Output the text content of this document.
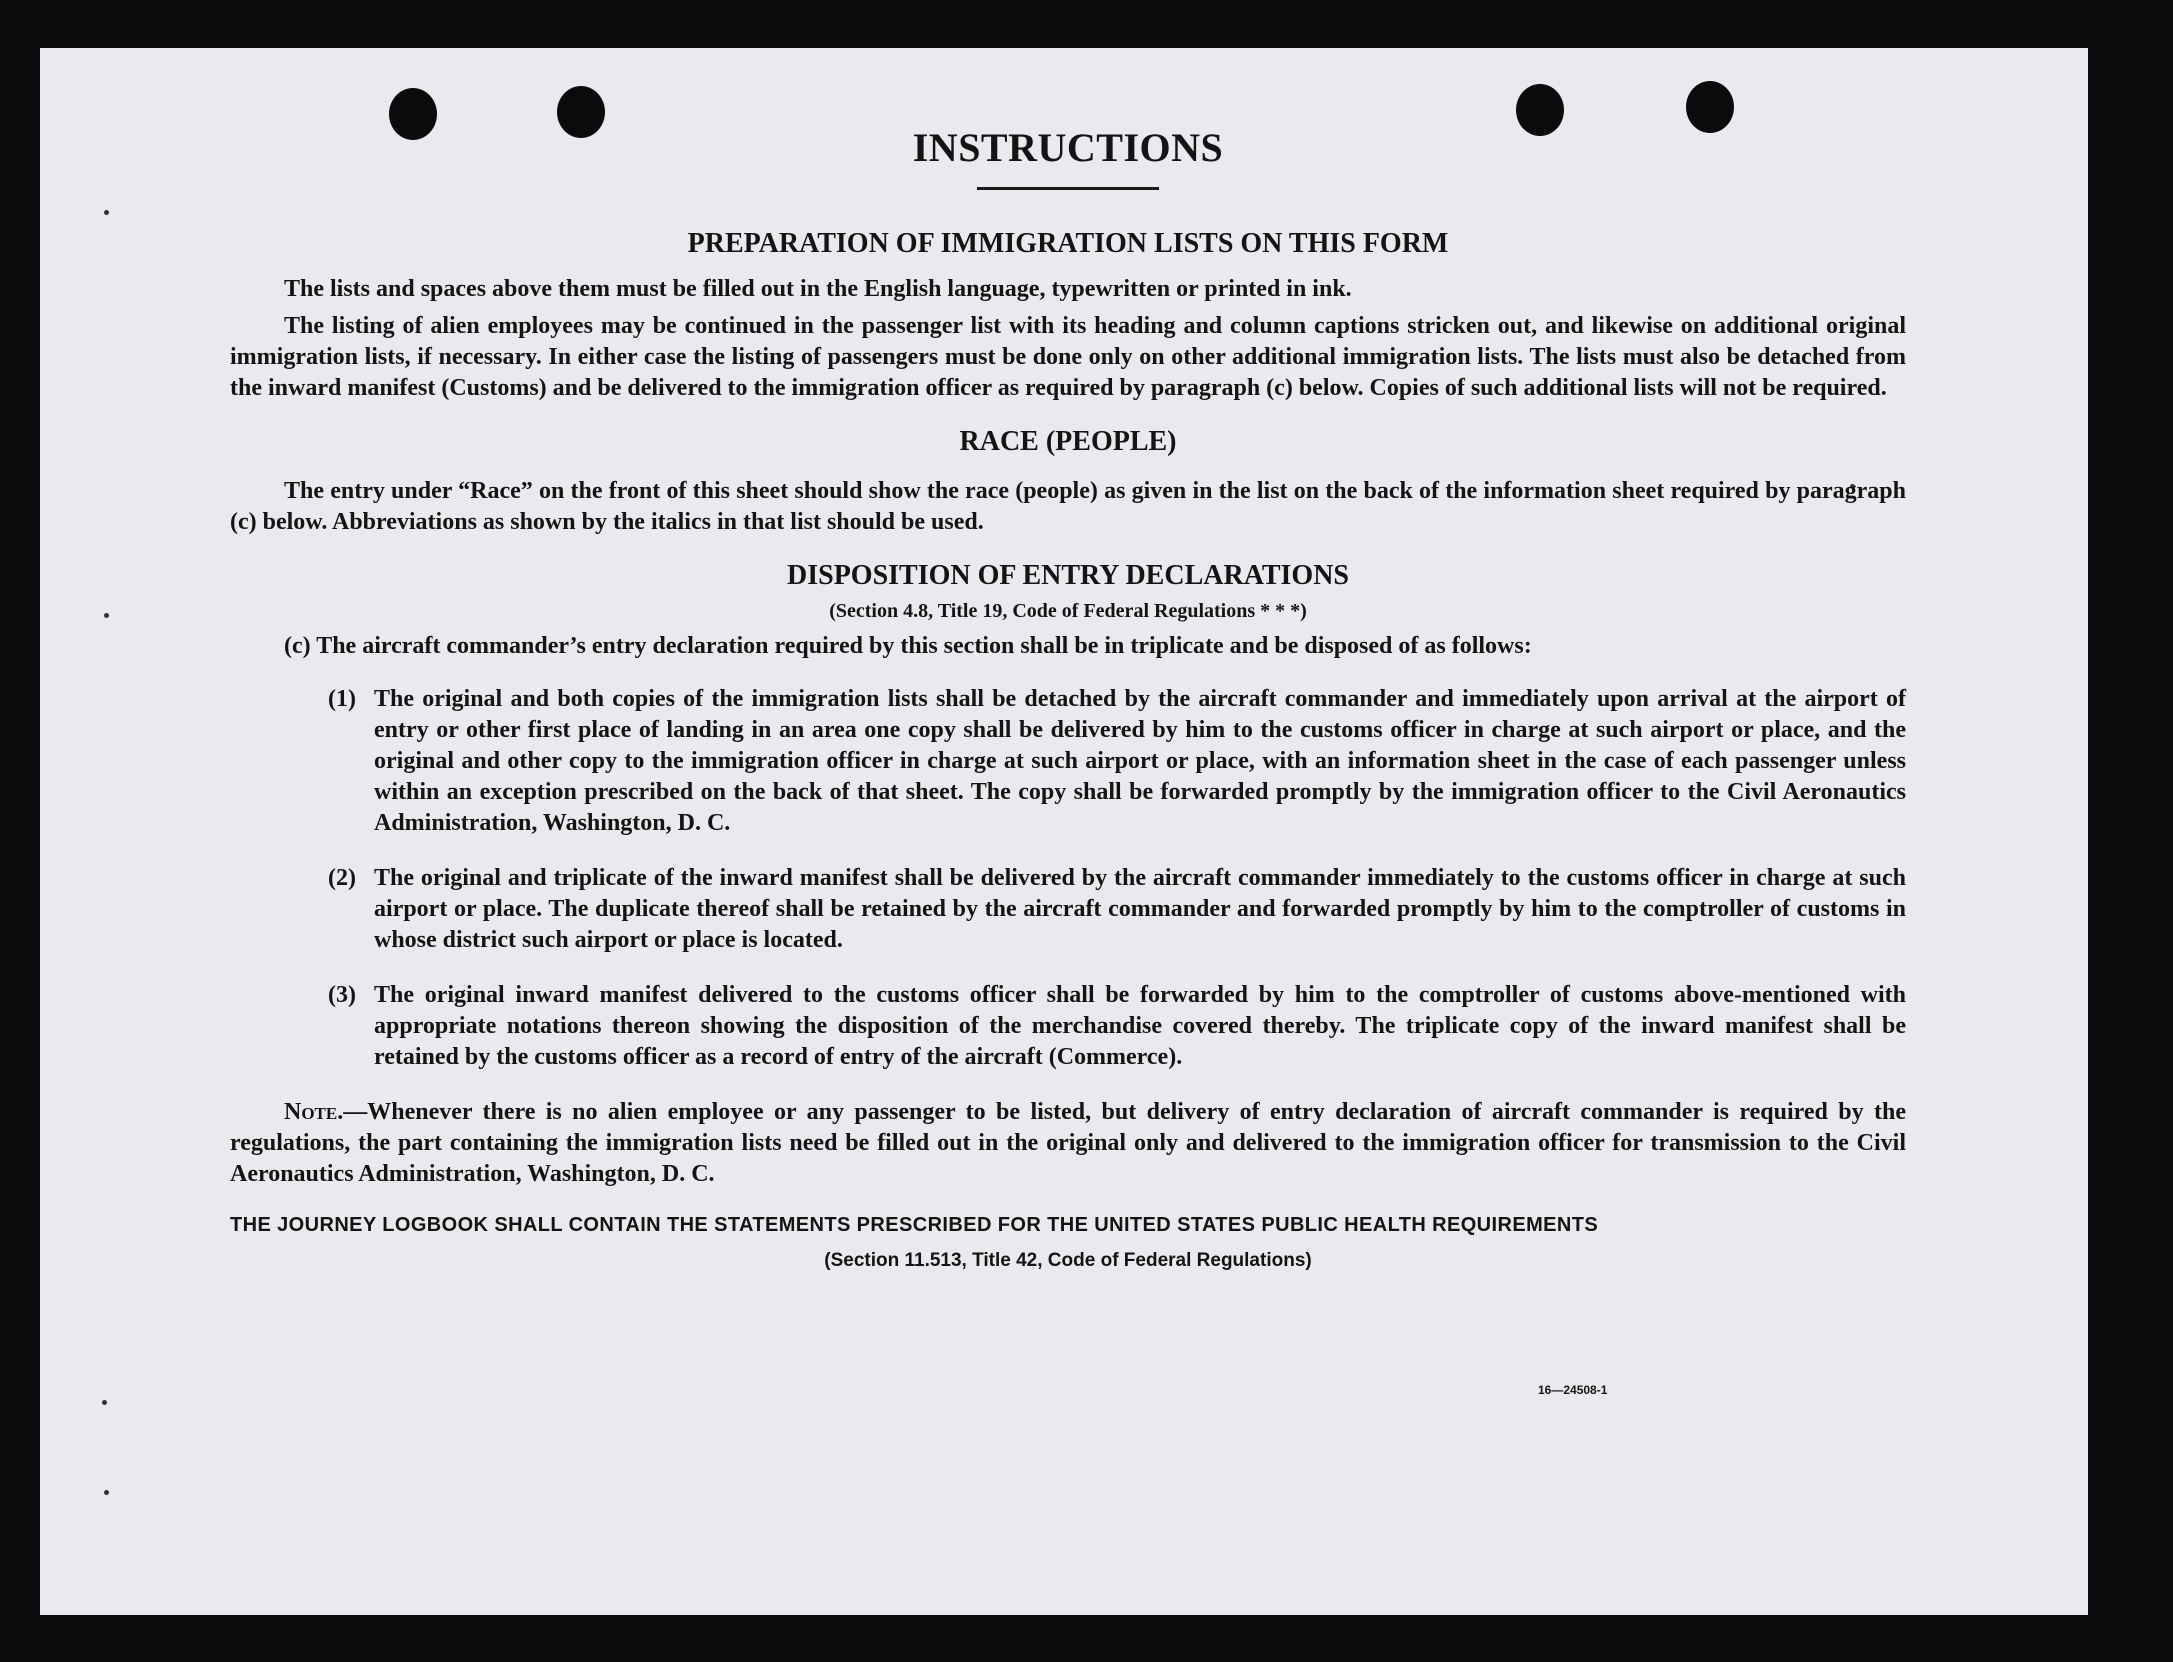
INSTRUCTIONS
PREPARATION OF IMMIGRATION LISTS ON THIS FORM

The lists and spaces above them must be filled out in the English language, typewritten or printed in ink.

The listing of alien employees may be continued in the passenger list with its heading and column captions stricken out, and likewise on additional original immigration lists, if necessary. In either case the listing of passengers must be done only on other additional immigration lists. The lists must also be detached from the inward manifest (Customs) and be delivered to the immigration officer as required by paragraph (c) below. Copies of such additional lists will not be required.

RACE (PEOPLE)

The entry under “Race” on the front of this sheet should show the race (people) as given in the list on the back of the information sheet required by paragraph (c) below. Abbreviations as shown by the italics in that list should be used.

DISPOSITION OF ENTRY DECLARATIONS
(Section 4.8, Title 19, Code of Federal Regulations * * *)

(c) The aircraft commander’s entry declaration required by this section shall be in triplicate and be disposed of as follows:

(1) The original and both copies of the immigration lists shall be detached by the aircraft commander and immediately upon arrival at the airport of entry or other first place of landing in an area one copy shall be delivered by him to the customs officer in charge at such airport or place, and the original and other copy to the immigration officer in charge at such airport or place, with an information sheet in the case of each passenger unless within an exception prescribed on the back of that sheet. The copy shall be forwarded promptly by the immigration officer to the Civil Aeronautics Administration, Washington, D. C.

(2) The original and triplicate of the inward manifest shall be delivered by the aircraft commander immediately to the customs officer in charge at such airport or place. The duplicate thereof shall be retained by the aircraft commander and forwarded promptly by him to the comptroller of customs in whose district such airport or place is located.

(3) The original inward manifest delivered to the customs officer shall be forwarded by him to the comptroller of customs above-mentioned with appropriate notations thereon showing the disposition of the merchandise covered thereby. The triplicate copy of the inward manifest shall be retained by the customs officer as a record of entry of the aircraft (Commerce).

Note.—Whenever there is no alien employee or any passenger to be listed, but delivery of entry declaration of aircraft commander is required by the regulations, the part containing the immigration lists need be filled out in the original only and delivered to the immigration officer for transmission to the Civil Aeronautics Administration, Washington, D. C.

THE JOURNEY LOGBOOK SHALL CONTAIN THE STATEMENTS PRESCRIBED FOR THE UNITED STATES PUBLIC HEALTH REQUIREMENTS

(Section 11.513, Title 42, Code of Federal Regulations)

16—24508-1
